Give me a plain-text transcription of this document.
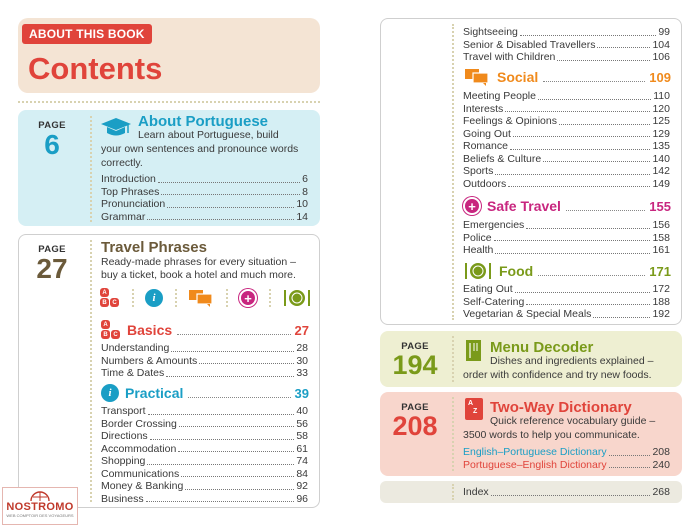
ABOUT THIS BOOK
Contents
PAGE
6
About Portuguese
Learn about Portuguese, build
your own sentences and pronounce words
correctly.
Introduction	6
Top Phrases	8
Pronunciation	10
Grammar	14
PAGE
27
Travel Phrases
Ready-made phrases for every situation –
buy a ticket, book a hotel and much more.
A
B C	i	+
A
B C Basics	27
Understanding	28
Numbers & Amounts	30
Time & Dates	33
i Practical	39
Transport	40
Border Crossing	56
Directions	58
Accommodation	61
Shopping	74
Communications	84
Money & Banking	92
Business	96
NOSTROMO
WEB COMPTOIR DES VOYAGEURS
Sightseeing	99
Senior & Disabled Travellers	104
Travel with Children	106
Social	109
Meeting People	110
Interests	120
Feelings & Opinions	125
Going Out	129
Romance	135
Beliefs & Culture	140
Sports	142
Outdoors	149
+ Safe Travel	155
Emergencies	156
Police	158
Health	161
Food	171
Eating Out	172
Self-Catering	188
Vegetarian & Special Meals	192
PAGE
194
Menu Decoder
Dishes and ingredients explained –
order with confidence and try new foods.
PAGE
208
A
Z Two-Way Dictionary
Quick reference vocabulary guide –
3500 words to help you communicate.
English–Portuguese Dictionary	208
Portuguese–English Dictionary	240
Index	268
